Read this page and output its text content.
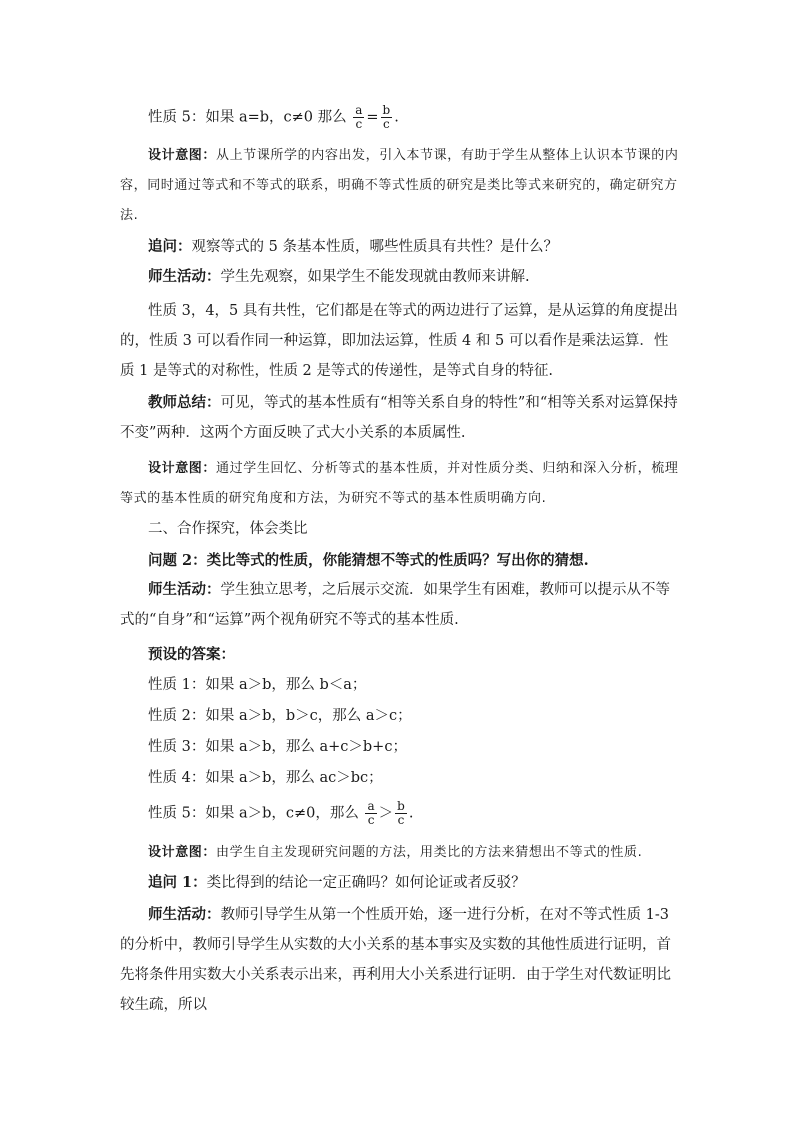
性质 5：如果 a=b，c≠0 那么 $\frac{a}{c} = \frac{b}{c}$ .
设计意图：从上节课所学的内容出发，引入本节课，有助于学生从整体上认识本节课的内容，同时通过等式和不等式的联系，明确不等式性质的研究是类比等式来研究的，确定研究方法.
追问：观察等式的 5 条基本性质，哪些性质具有共性？是什么？
师生活动：学生先观察，如果学生不能发现就由教师来讲解.
性质 3，4，5 具有共性，它们都是在等式的两边进行了运算，是从运算的角度提出的，性质 3 可以看作同一种运算，即加法运算，性质 4 和 5 可以看作是乘法运算．性质 1 是等式的对称性，性质 2 是等式的传递性，是等式自身的特征.
教师总结：可见，等式的基本性质有“相等关系自身的特性”和“相等关系对运算保持不变”两种．这两个方面反映了式大小关系的本质属性.
设计意图：通过学生回忆、分析等式的基本性质，并对性质分类、归纳和深入分析，梳理等式的基本性质的研究角度和方法，为研究不等式的基本性质明确方向.
二、合作探究，体会类比
问题 2：类比等式的性质，你能猜想不等式的性质吗？写出你的猜想.
师生活动：学生独立思考，之后展示交流．如果学生有困难，教师可以提示从不等式的“自身”和“运算”两个视角研究不等式的基本性质.
预设的答案：
性质 1：如果 a＞b，那么 b＜a；
性质 2：如果 a＞b，b＞c，那么 a＞c；
性质 3：如果 a＞b，那么 a+c＞b+c；
性质 4：如果 a＞b，那么 ac＞bc；
性质 5：如果 a＞b，c≠0，那么 $\frac{a}{c} > \frac{b}{c}$ .
设计意图：由学生自主发现研究问题的方法，用类比的方法来猜想出不等式的性质.
追问 1：类比得到的结论一定正确吗？如何论证或者反驳？
师生活动：教师引导学生从第一个性质开始，逐一进行分析，在对不等式性质 1-3 的分析中，教师引导学生从实数的大小关系的基本事实及实数的其他性质进行证明，首先将条件用实数大小关系表示出来，再利用大小关系进行证明．由于学生对代数证明比较生疏，所以
